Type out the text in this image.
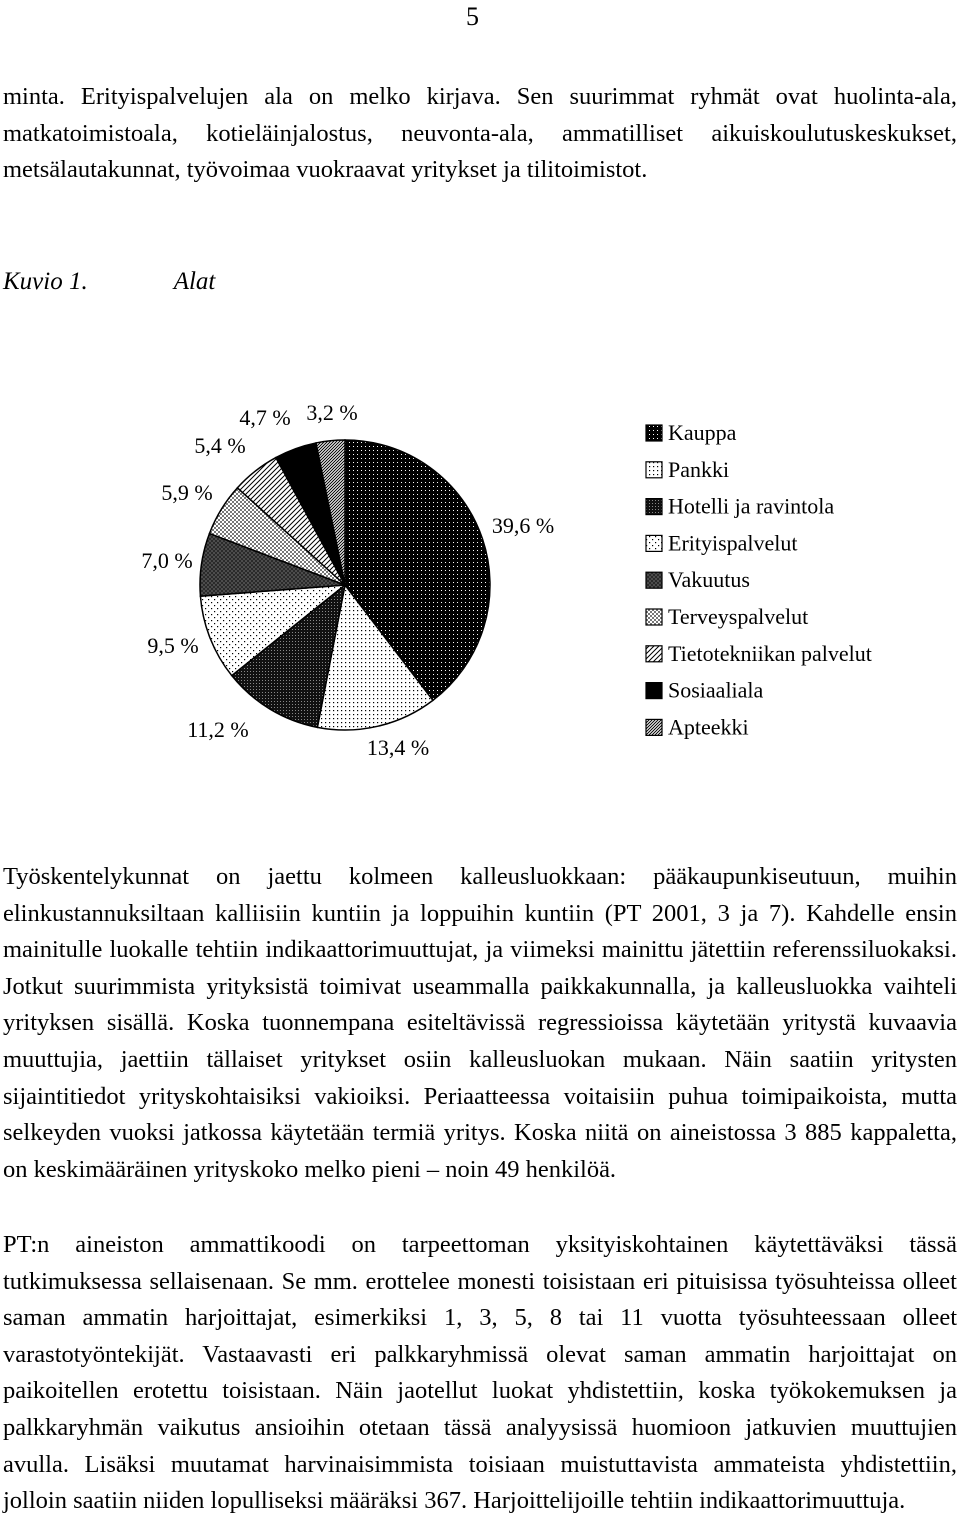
5

minta. Erityispalvelujen ala on melko kirjava. Sen suurimmat ryhmät ovat huolinta-ala, matkatoimistoala, kotieläinjalostus, neuvonta-ala, ammatilliset aikuiskoulutuskeskukset, metsälautakunnat, työvoimaa vuokraavat yritykset ja tilitoimistot.

Kuvio 1.	Alat
39,6 %
13,4 %
11,2 %
9,5 %
7,0 %
5,9 %
5,4 %
4,7 % 3,2 %
Kauppa
Pankki
Hotelli ja ravintola
Erityispalvelut
Vakuutus
Terveyspalvelut
Tietotekniikan palvelut
Sosiaaliala
Apteekki

Työskentelykunnat on jaettu kolmeen kalleusluokkaan: pääkaupunkiseutuun, muihin elinkustannuksiltaan kalliisiin kuntiin ja loppuihin kuntiin (PT 2001, 3 ja 7). Kahdelle ensin mainitulle luokalle tehtiin indikaattorimuuttujat, ja viimeksi mainittu jätettiin referenssiluokaksi. Jotkut suurimmista yrityksistä toimivat useammalla paikkakunnalla, ja kalleusluokka vaihteli yrityksen sisällä. Koska tuonnempana esiteltävissä regressioissa käytetään yritystä kuvaavia muuttujia, jaettiin tällaiset yritykset osiin kalleusluokan mukaan. Näin saatiin yritysten sijaintitiedot yrityskohtaisiksi vakioiksi. Periaatteessa voitaisiin puhua toimipaikoista, mutta selkeyden vuoksi jatkossa käytetään termiä yritys. Koska niitä on aineistossa 3 885 kappaletta, on keskimääräinen yrityskoko melko pieni – noin 49 henkilöä.

PT:n aineiston ammattikoodi on tarpeettoman yksityiskohtainen käytettäväksi tässä tutkimuksessa sellaisenaan. Se mm. erottelee monesti toisistaan eri pituisissa työsuhteissa olleet saman ammatin harjoittajat, esimerkiksi 1, 3, 5, 8 tai 11 vuotta työsuhteessaan olleet varastotyöntekijät. Vastaavasti eri palkkaryhmissä olevat saman ammatin harjoittajat on paikoitellen erotettu toisistaan. Näin jaotellut luokat yhdistettiin, koska työkokemuksen ja palkkaryhmän vaikutus ansioihin otetaan tässä analyysissä huomioon jatkuvien muuttujien avulla. Lisäksi muutamat harvinaisimmista toisiaan muistuttavista ammateista yhdistettiin, jolloin saatiin niiden lopulliseksi määräksi 367. Harjoittelijoille tehtiin indikaattorimuuttuja.
